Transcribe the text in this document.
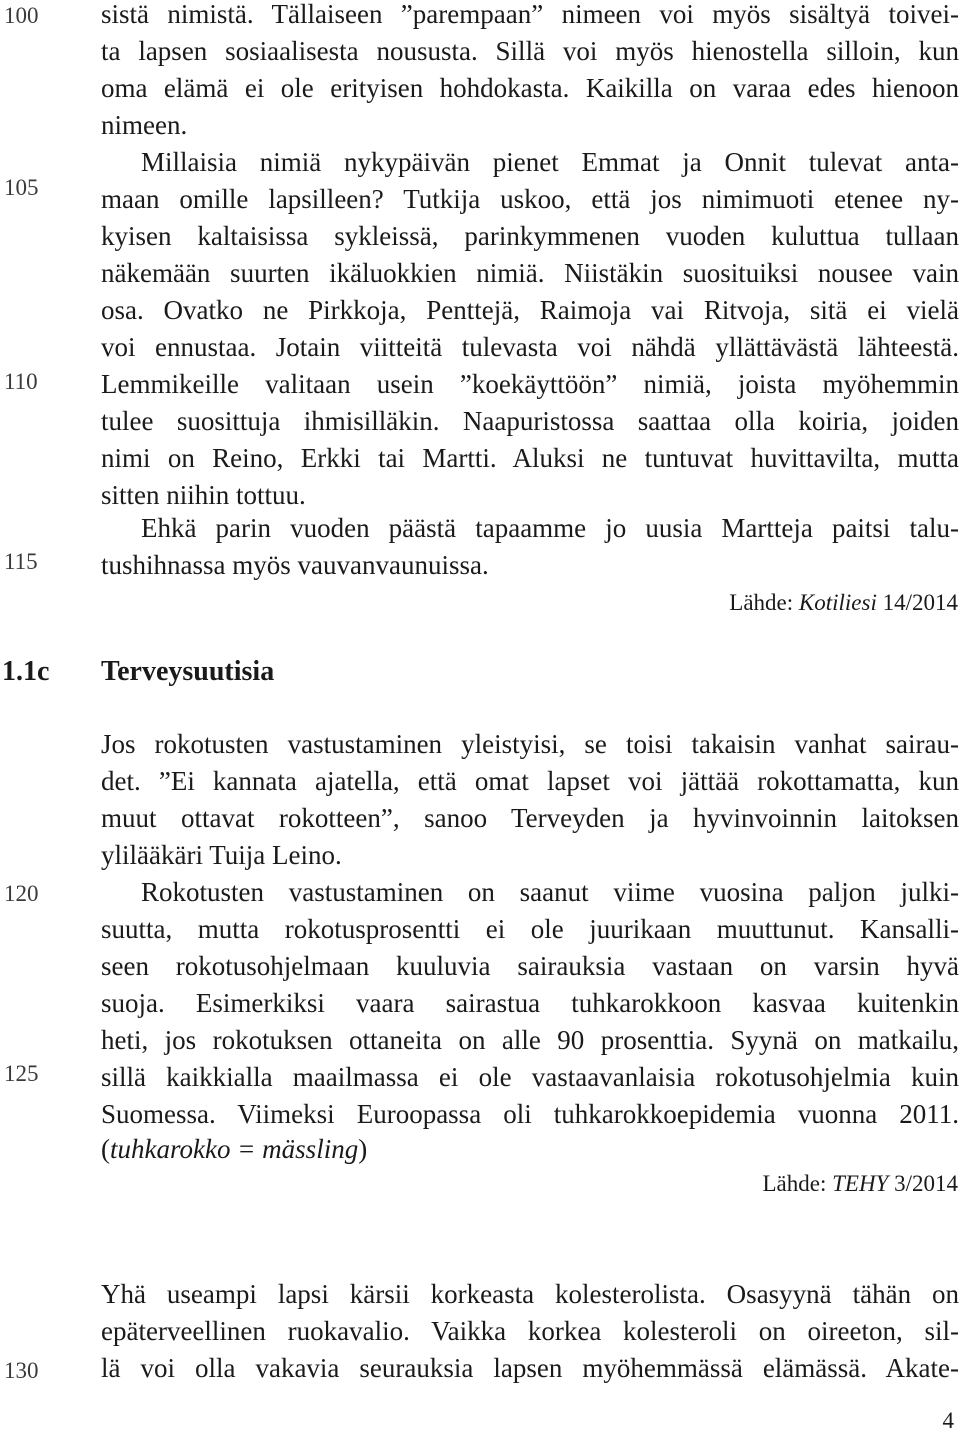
100
105
110
115
120
125
130
sistä nimistä. Tällaiseen ”parempaan” nimeen voi myös sisältyä toivei-
ta lapsen sosiaalisesta noususta. Sillä voi myös hienostella silloin, kun
oma elämä ei ole erityisen hohdokasta. Kaikilla on varaa edes hienoon
nimeen.
Millaisia nimiä nykypäivän pienet Emmat ja Onnit tulevat anta-
maan omille lapsilleen? Tutkija uskoo, että jos nimimuoti etenee ny-
kyisen kaltaisissa sykleissä, parinkymmenen vuoden kuluttua tullaan
näkemään suurten ikäluokkien nimiä. Niistäkin suosituiksi nousee vain
osa. Ovatko ne Pirkkoja, Penttejä, Raimoja vai Ritvoja, sitä ei vielä
voi ennustaa. Jotain viitteitä tulevasta voi nähdä yllättävästä lähteestä.
Lemmikeille valitaan usein ”koekäyttöön” nimiä, joista myöhemmin
tulee suosittuja ihmisilläkin. Naapuristossa saattaa olla koiria, joiden
nimi on Reino, Erkki tai Martti. Aluksi ne tuntuvat huvittavilta, mutta
sitten niihin tottuu.
Ehkä parin vuoden päästä tapaamme jo uusia Martteja paitsi talu-
tushihnassa myös vauvanvaunuissa.
Lähde: Kotiliesi 14/2014
1.1c Terveysuutisia
Jos rokotusten vastustaminen yleistyisi, se toisi takaisin vanhat sairau-
det. ”Ei kannata ajatella, että omat lapset voi jättää rokottamatta, kun
muut ottavat rokotteen”, sanoo Terveyden ja hyvinvoinnin laitoksen
ylilääkäri Tuija Leino.
Rokotusten vastustaminen on saanut viime vuosina paljon julki-
suutta, mutta rokotusprosentti ei ole juurikaan muuttunut. Kansalli-
seen rokotusohjelmaan kuuluvia sairauksia vastaan on varsin hyvä
suoja. Esimerkiksi vaara sairastua tuhkarokkoon kasvaa kuitenkin
heti, jos rokotuksen ottaneita on alle 90 prosenttia. Syynä on matkailu,
sillä kaikkialla maailmassa ei ole vastaavanlaisia rokotusohjelmia kuin
Suomessa. Viimeksi Euroopassa oli tuhkarokkoepidemia vuonna 2011.
(tuhkarokko = mässling)
Lähde: TEHY 3/2014
Yhä useampi lapsi kärsii korkeasta kolesterolista. Osasyynä tähän on
epäterveellinen ruokavalio. Vaikka korkea kolesteroli on oireeton, sil-
lä voi olla vakavia seurauksia lapsen myöhemmässä elämässä. Akate-
4
